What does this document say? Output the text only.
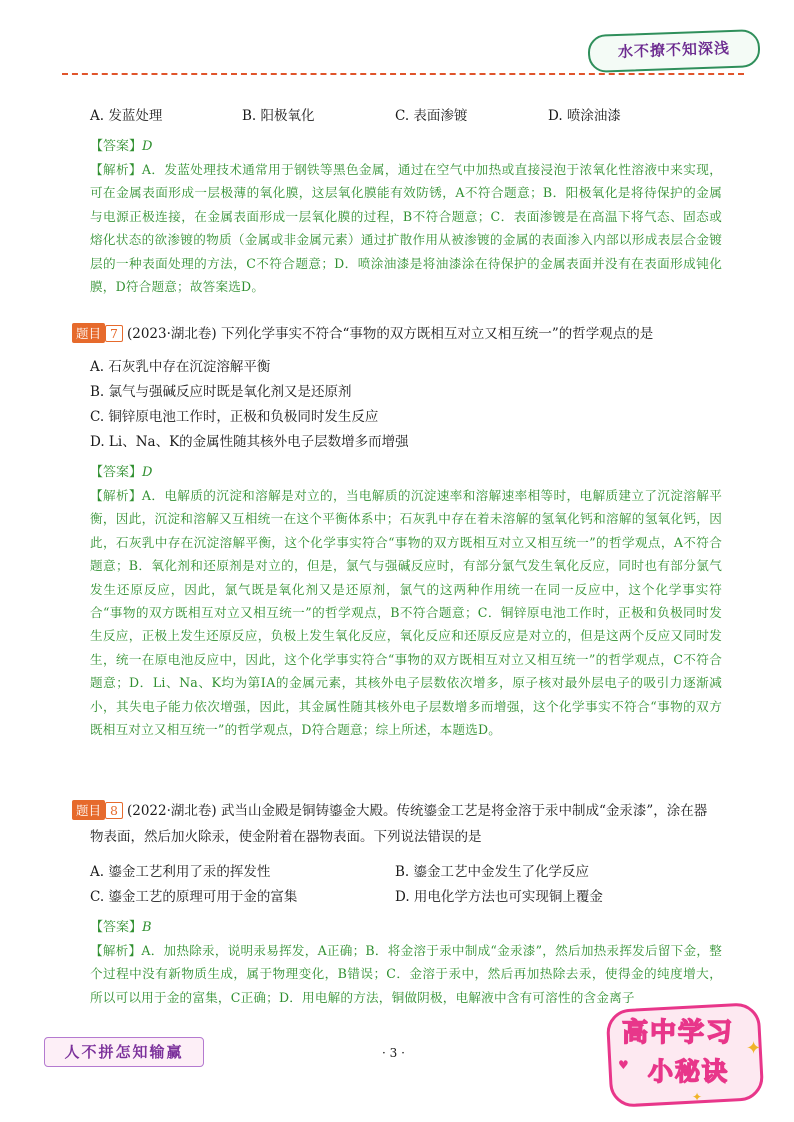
水不撩不知深浅
A. 发蓝处理	B. 阳极氧化	C. 表面渗镀	D. 喷涂油漆
【答案】D
【解析】A．发蓝处理技术通常用于钢铁等黑色金属，通过在空气中加热或直接浸泡于浓氧化性溶液中来实现，可在金属表面形成一层极薄的氧化膜，这层氧化膜能有效防锈，A不符合题意；B．阳极氧化是将待保护的金属与电源正极连接，在金属表面形成一层氧化膜的过程，B不符合题意；C．表面渗镀是在高温下将气态、固态或熔化状态的欲渗镀的物质（金属或非金属元素）通过扩散作用从被渗镀的金属的表面渗入内部以形成表层合金镀层的一种表面处理的方法，C不符合题意；D．喷涂油漆是将油漆涂在待保护的金属表面并没有在表面形成钝化膜，D符合题意；故答案选D。
题目 7 (2023·湖北卷) 下列化学事实不符合“事物的双方既相互对立又相互统一”的哲学观点的是
A. 石灰乳中存在沉淀溶解平衡
B. 氯气与强碱反应时既是氧化剂又是还原剂
C. 铜锌原电池工作时，正极和负极同时发生反应
D. Li、Na、K的金属性随其核外电子层数增多而增强
【答案】D
【解析】A．电解质的沉淀和溶解是对立的，当电解质的沉淀速率和溶解速率相等时，电解质建立了沉淀溶解平衡，因此，沉淀和溶解又互相统一在这个平衡体系中；石灰乳中存在着未溶解的氢氧化钙和溶解的氢氧化钙，因此，石灰乳中存在沉淀溶解平衡，这个化学事实符合“事物的双方既相互对立又相互统一”的哲学观点，A不符合题意；B．氧化剂和还原剂是对立的，但是，氯气与强碱反应时，有部分氯气发生氧化反应，同时也有部分氯气发生还原反应，因此，氯气既是氧化剂又是还原剂，氯气的这两种作用统一在同一反应中，这个化学事实符合“事物的双方既相互对立又相互统一”的哲学观点，B不符合题意；C．铜锌原电池工作时，正极和负极同时发生反应，正极上发生还原反应，负极上发生氧化反应，氧化反应和还原反应是对立的，但是这两个反应又同时发生，统一在原电池反应中，因此，这个化学事实符合“事物的双方既相互对立又相互统一”的哲学观点，C不符合题意；D．Li、Na、K均为第ⅠA的金属元素，其核外电子层数依次增多，原子核对最外层电子的吸引力逐渐减小，其失电子能力依次增强，因此，其金属性随其核外电子层数增多而增强，这个化学事实不符合“事物的双方既相互对立又相互统一”的哲学观点，D符合题意；综上所述，本题选D。
题目 8 (2022·湖北卷) 武当山金殿是铜铸鎏金大殿。传统鎏金工艺是将金溶于汞中制成“金汞漆”，涂在器
物表面，然后加火除汞，使金附着在器物表面。下列说法错误的是
A. 鎏金工艺利用了汞的挥发性	B. 鎏金工艺中金发生了化学反应
C. 鎏金工艺的原理可用于金的富集	D. 用电化学方法也可实现铜上覆金
【答案】B
【解析】A．加热除汞，说明汞易挥发，A正确；B．将金溶于汞中制成“金汞漆”，然后加热汞挥发后留下金，整个过程中没有新物质生成，属于物理变化，B错误；C．金溶于汞中，然后再加热除去汞，使得金的纯度增大，所以可以用于金的富集，C正确；D．用电解的方法，铜做阴极，电解液中含有可溶性的含金离子
人不拼怎知输赢	· 3 ·
高中学习
小秘诀
✦
✦
♥
